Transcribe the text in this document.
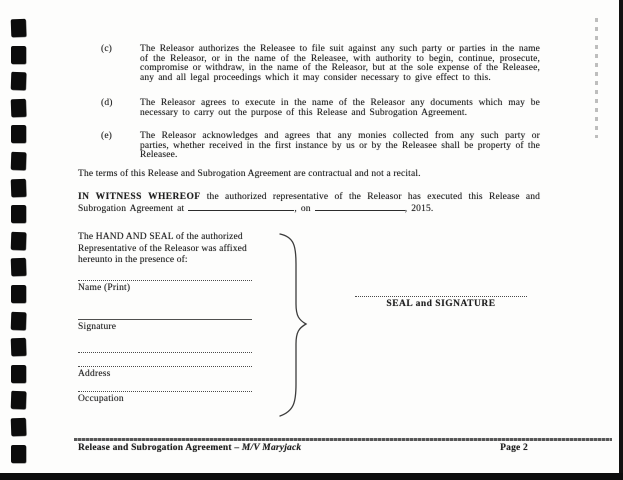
(c)	The Releasor authorizes the Releasee to file suit against any such party or parties in the name of the Releasor, or in the name of the Releasee, with authority to begin, continue, prosecute, compromise or withdraw, in the name of the Releasor, but at the sole expense of the Releasee, any and all legal proceedings which it may consider necessary to give effect to this.
(d)	The Releasor agrees to execute in the name of the Releasor any documents which may be necessary to carry out the purpose of this Release and Subrogation Agreement.
(e)	The Releasor acknowledges and agrees that any monies collected from any such party or parties, whether received in the first instance by us or by the Releasee shall be property of the Releasee.

The terms of this Release and Subrogation Agreement are contractual and not a recital.

IN WITNESS WHEREOF the authorized representative of the Releasor has executed this Release and Subrogation Agreement at	, on	, 2015.

The HAND AND SEAL of the authorized Representative of the Releasor was affixed hereunto in the presence of:
Name (Print)
Signature
Address
Occupation
SEAL and SIGNATURE
Release and Subrogation Agreement – M/V Maryjack	Page 2
